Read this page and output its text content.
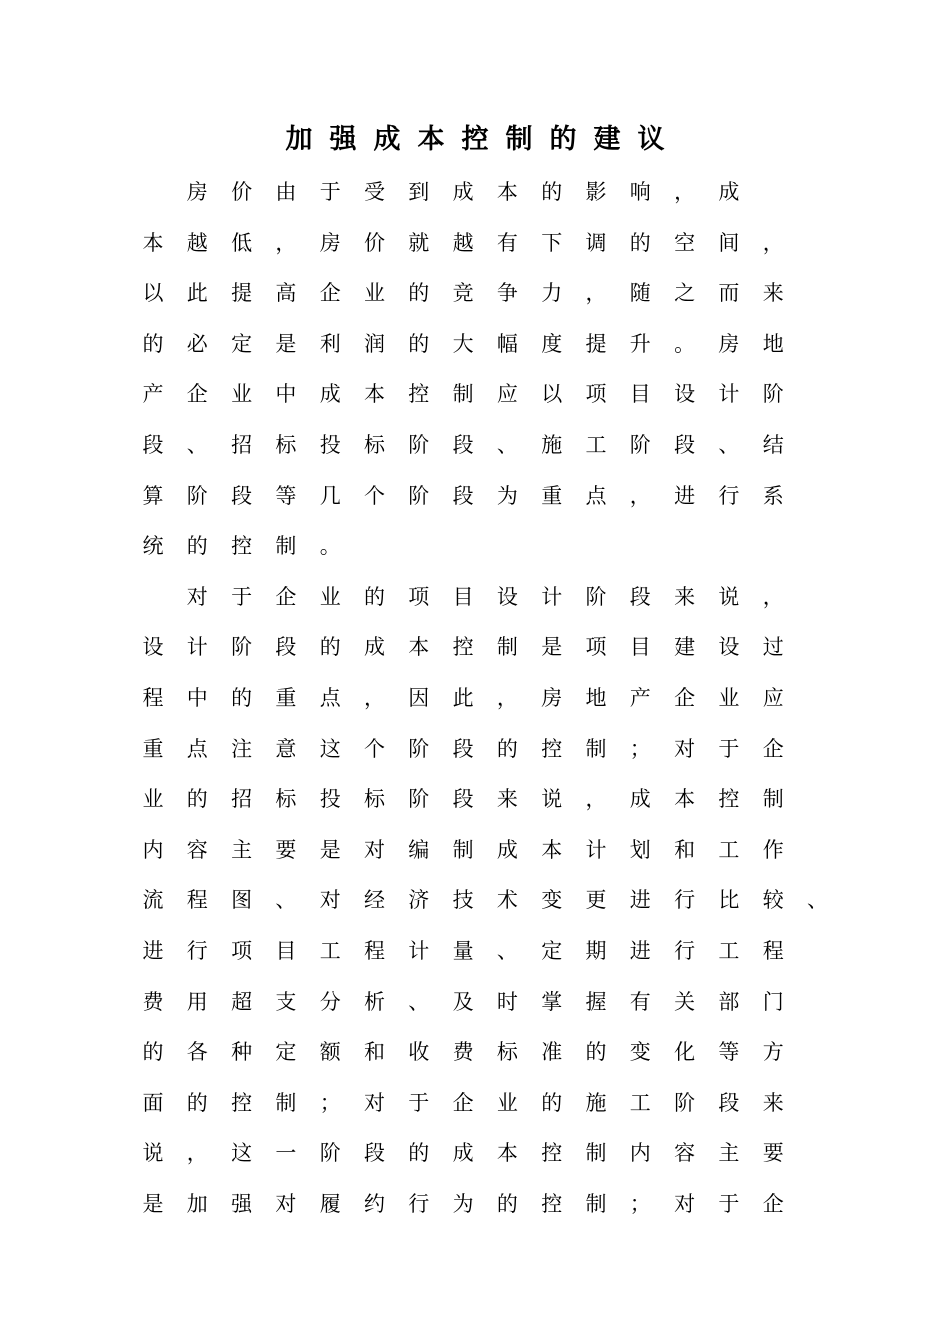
加强成本控制的建议

房	价	由	于	受	到	成	本	的	影	响	，	成
本	越	低	，	房	价	就	越	有	下	调	的	空	间	，
以	此	提	高	企	业	的	竞	争	力	，	随	之	而	来
的	必	定	是	利	润	的	大	幅	度	提	升	。	房	地
产	企	业	中	成	本	控	制	应	以	项	目	设	计	阶
段	、	招	标	投	标	阶	段	、	施	工	阶	段	、	结
算	阶	段	等	几	个	阶	段	为	重	点	，	进	行	系
统	的	控	制	。

对	于	企	业	的	项	目	设	计	阶	段	来	说	，
设	计	阶	段	的	成	本	控	制	是	项	目	建	设	过
程	中	的	重	点	，	因	此	，	房	地	产	企	业	应
重	点	注	意	这	个	阶	段	的	控	制	；	对	于	企
业	的	招	标	投	标	阶	段	来	说	，	成	本	控	制
内	容	主	要	是	对	编	制	成	本	计	划	和	工	作
流	程	图	、	对	经	济	技	术	变	更	进	行	比	较	、
进	行	项	目	工	程	计	量	、	定	期	进	行	工	程
费	用	超	支	分	析	、	及	时	掌	握	有	关	部	门
的	各	种	定	额	和	收	费	标	准	的	变	化	等	方
面	的	控	制	；	对	于	企	业	的	施	工	阶	段	来
说	，	这	一	阶	段	的	成	本	控	制	内	容	主	要
是	加	强	对	履	约	行	为	的	控	制	；	对	于	企
